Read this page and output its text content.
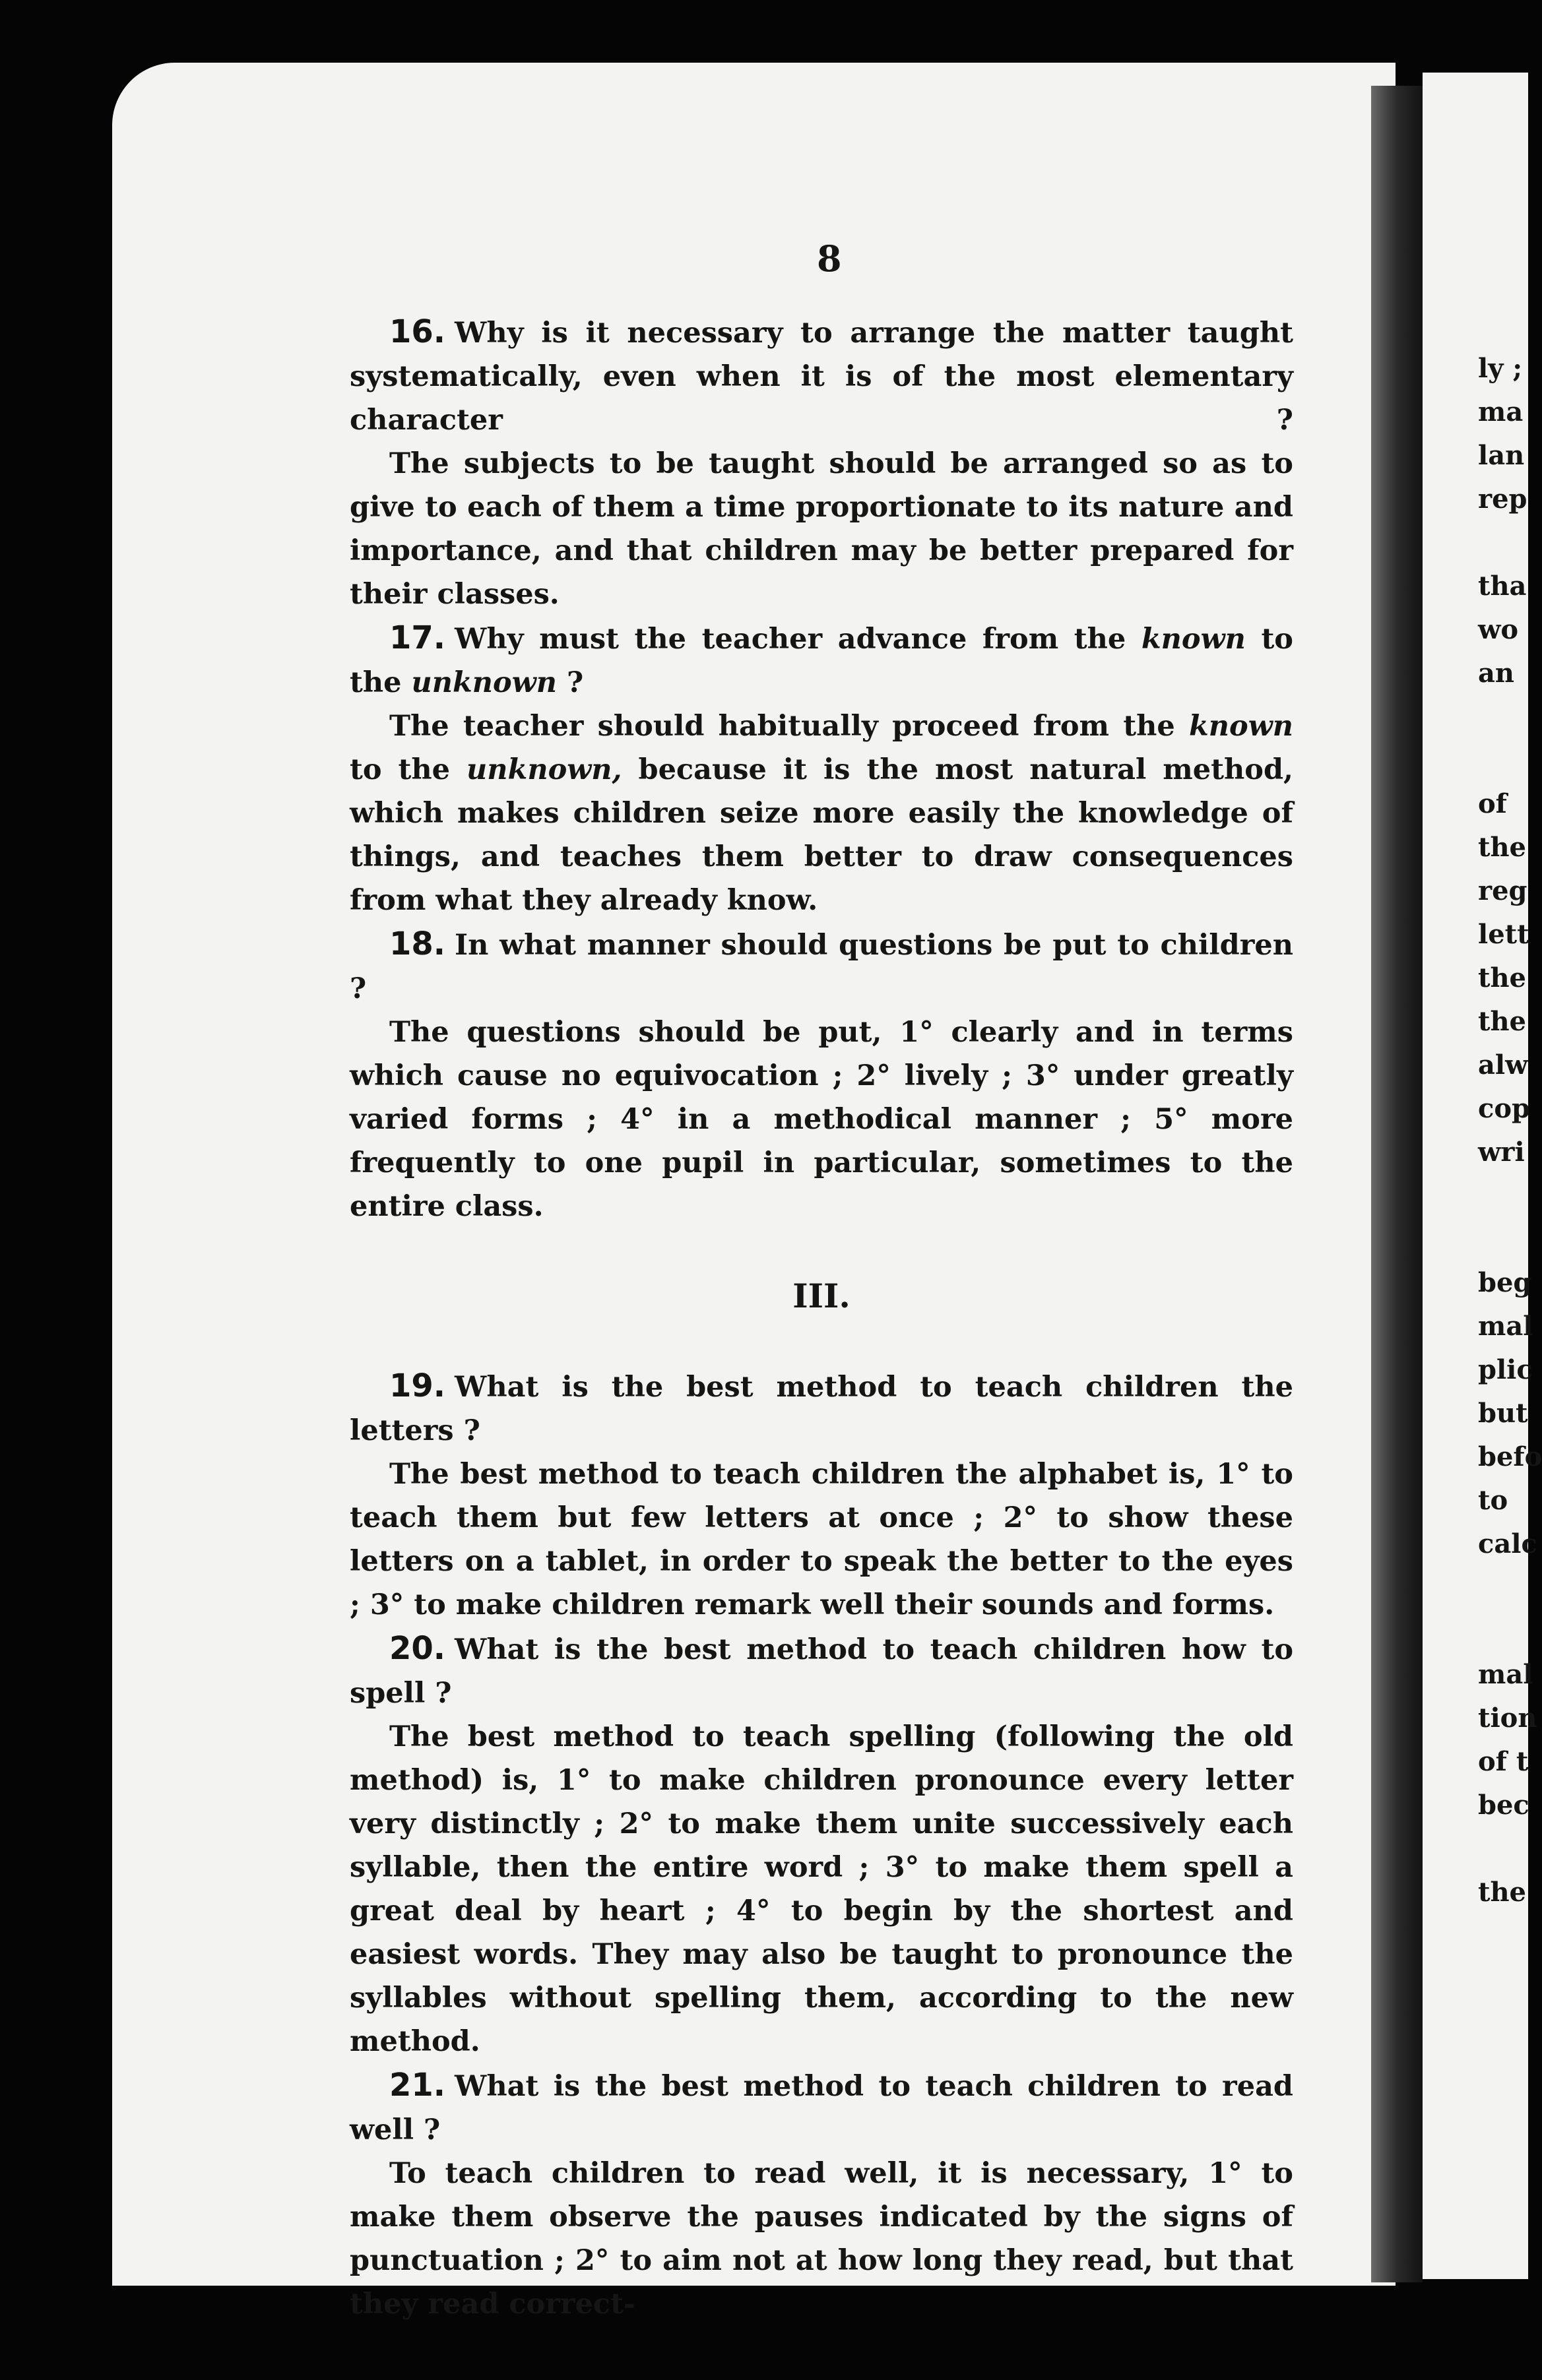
ly ;
ma
lan
rep
tha
wo
an
of
the
reg
lett
the
the
alw
cop
wri
beg
mal
plic
but
befo
to
calc
mal
tion
of t
bec
the
8

16. Why is it necessary to arrange the matter taught systematically, even when it is of the most elementary character ?

The subjects to be taught should be arranged so as to give to each of them a time proportionate to its nature and importance, and that children may be better prepared for their classes.

17. Why must the teacher advance from the known to the unknown ?

The teacher should habitually proceed from the known to the unknown, because it is the most natural method, which makes children seize more easily the knowledge of things, and teaches them better to draw consequences from what they already know.

18. In what manner should questions be put to children ?

The questions should be put, 1° clearly and in terms which cause no equivocation ; 2° lively ; 3° under greatly varied forms ; 4° in a methodical manner ; 5° more frequently to one pupil in particular, sometimes to the entire class.

III.

19. What is the best method to teach children the letters ?

The best method to teach children the alphabet is, 1° to teach them but few letters at once ; 2° to show these letters on a tablet, in order to speak the better to the eyes ; 3° to make children remark well their sounds and forms.

20. What is the best method to teach children how to spell ?

The best method to teach spelling (following the old method) is, 1° to make children pronounce every letter very distinctly ; 2° to make them unite successively each syllable, then the entire word ; 3° to make them spell a great deal by heart ; 4° to begin by the shortest and easiest words. They may also be taught to pronounce the syllables without spelling them, according to the new method.

21. What is the best method to teach children to read well ?

To teach children to read well, it is necessary, 1° to make them observe the pauses indicated by the signs of punctuation ; 2° to aim not at how long they read, but that they read correct-
